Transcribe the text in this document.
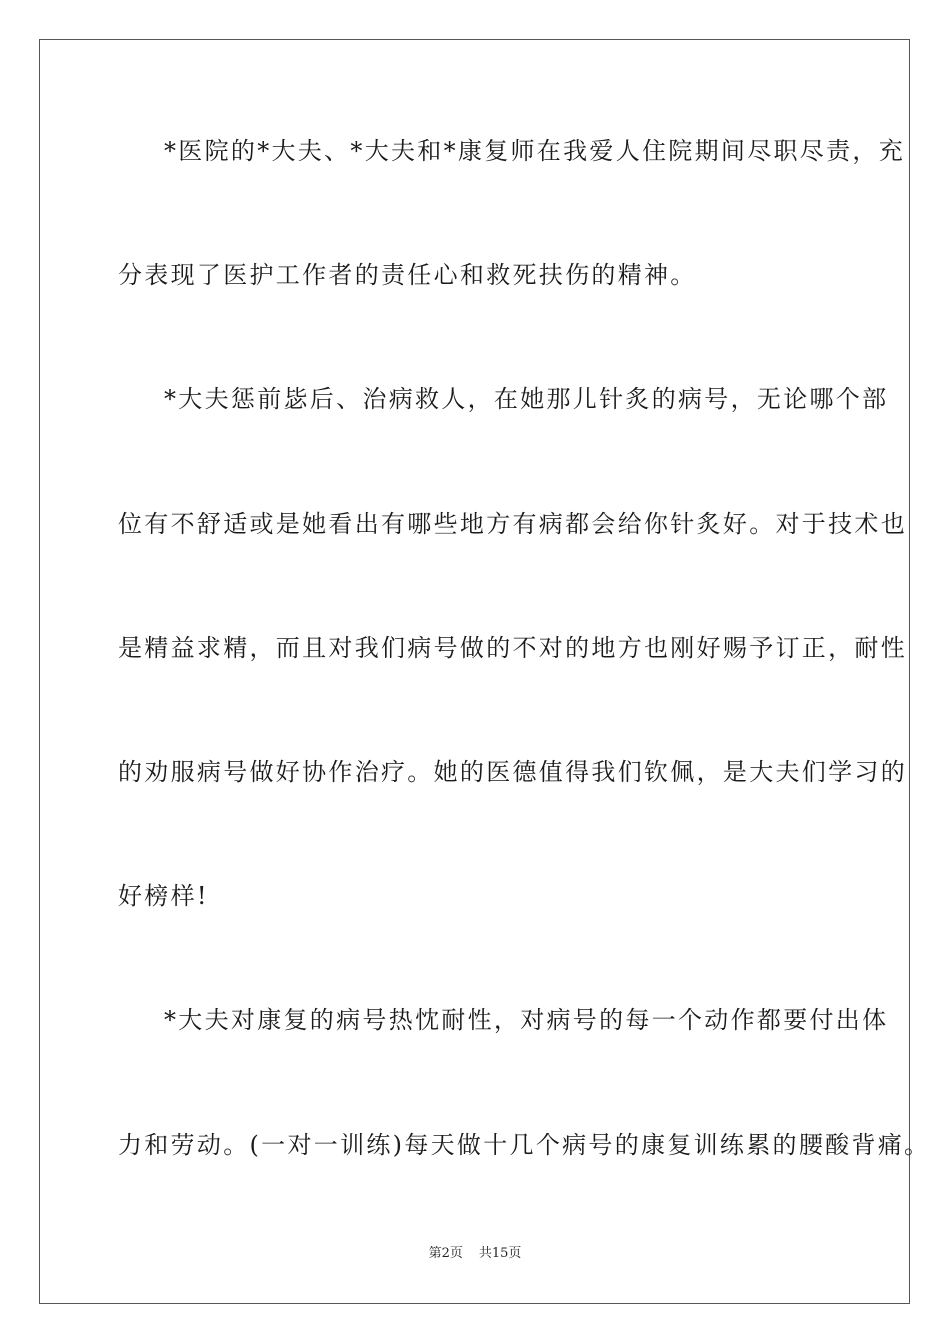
*医院的*大夫、*大夫和*康复师在我爱人住院期间尽职尽责，充
分表现了医护工作者的责任心和救死扶伤的精神。
*大夫惩前毖后、治病救人，在她那儿针炙的病号，无论哪个部
位有不舒适或是她看出有哪些地方有病都会给你针炙好。对于技术也
是精益求精，而且对我们病号做的不对的地方也刚好赐予订正，耐性
的劝服病号做好协作治疗。她的医德值得我们钦佩，是大夫们学习的
好榜样!
*大夫对康复的病号热忱耐性，对病号的每一个动作都要付出体
力和劳动。(一对一训练)每天做十几个病号的康复训练累的腰酸背痛。
第2页 共15页
